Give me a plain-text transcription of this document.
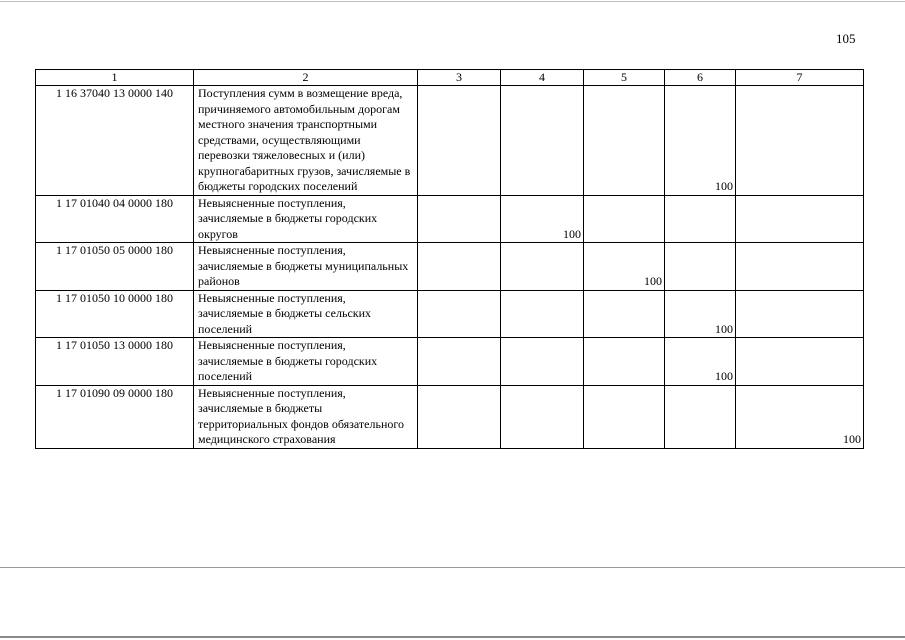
105
1	2	3	4	5	6	7
1 16 37040 13 0000 140	Поступления сумм в возмещение вреда, причиняемого автомобильным дорогам местного значения транспортными средствами, осуществляющими перевозки тяжеловесных и (или) крупногабаритных грузов, зачисляемые в бюджеты городских поселений				100	
1 17 01040 04 0000 180	Невыясненные поступления, зачисляемые в бюджеты городских округов		100			
1 17 01050 05 0000 180	Невыясненные поступления, зачисляемые в бюджеты муниципальных районов			100		
1 17 01050 10 0000 180	Невыясненные поступления, зачисляемые в бюджеты сельских поселений				100	
1 17 01050 13 0000 180	Невыясненные поступления, зачисляемые в бюджеты городских поселений				100	
1 17 01090 09 0000 180	Невыясненные поступления, зачисляемые в бюджеты территориальных фондов обязательного медицинского страхования					100
